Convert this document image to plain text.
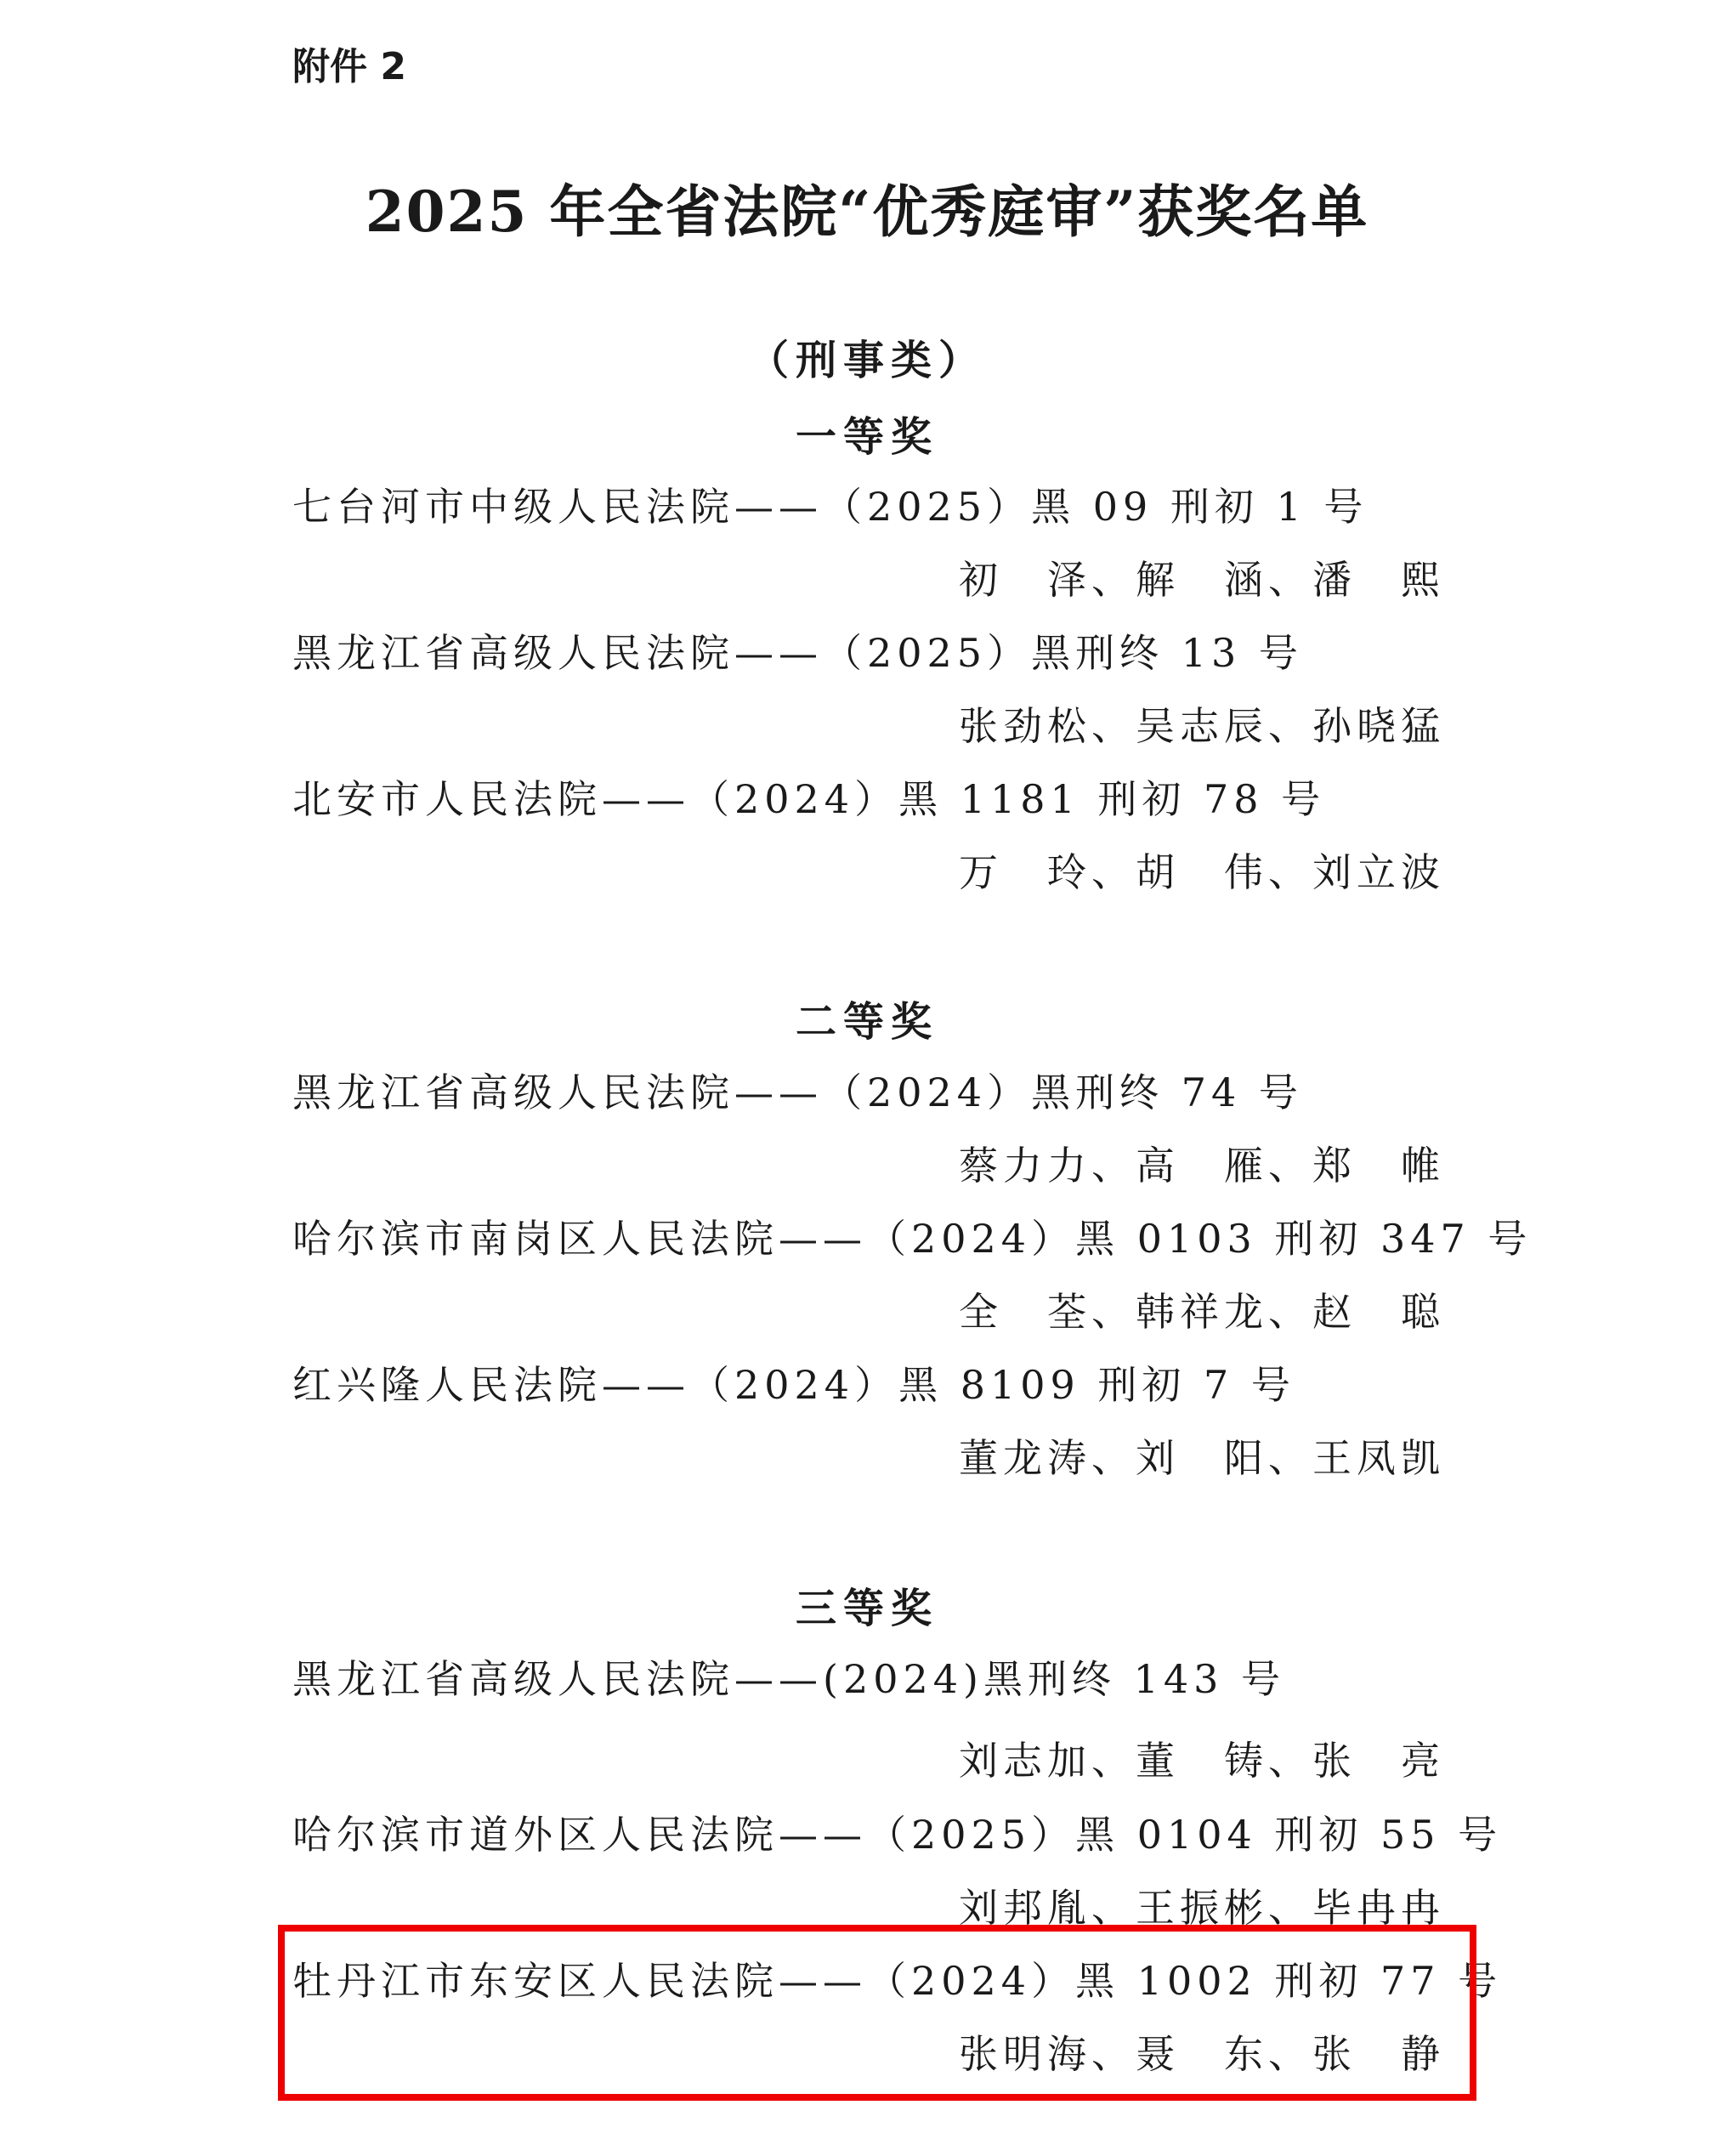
附件 2
2025 年全省法院“优秀庭审”获奖名单
（刑事类）
一等奖
七台河市中级人民法院——（2025）黑 09 刑初 1 号
初　泽、解　涵、潘　熙
黑龙江省高级人民法院——（2025）黑刑终 13 号
张劲松、吴志辰、孙晓猛
北安市人民法院——（2024）黑 1181 刑初 78 号
万　玲、胡　伟、刘立波
二等奖
黑龙江省高级人民法院——（2024）黑刑终 74 号
蔡力力、高　雁、郑　帷
哈尔滨市南岗区人民法院——（2024）黑 0103 刑初 347 号
全　荃、韩祥龙、赵　聪
红兴隆人民法院——（2024）黑 8109 刑初 7 号
董龙涛、刘　阳、王凤凯
三等奖
黑龙江省高级人民法院——(2024)黑刑终 143 号
刘志加、董　铸、张　亮
哈尔滨市道外区人民法院——（2025）黑 0104 刑初 55 号
刘邦胤、王振彬、毕冉冉
牡丹江市东安区人民法院——（2024）黑 1002 刑初 77 号
张明海、聂　东、张　静
